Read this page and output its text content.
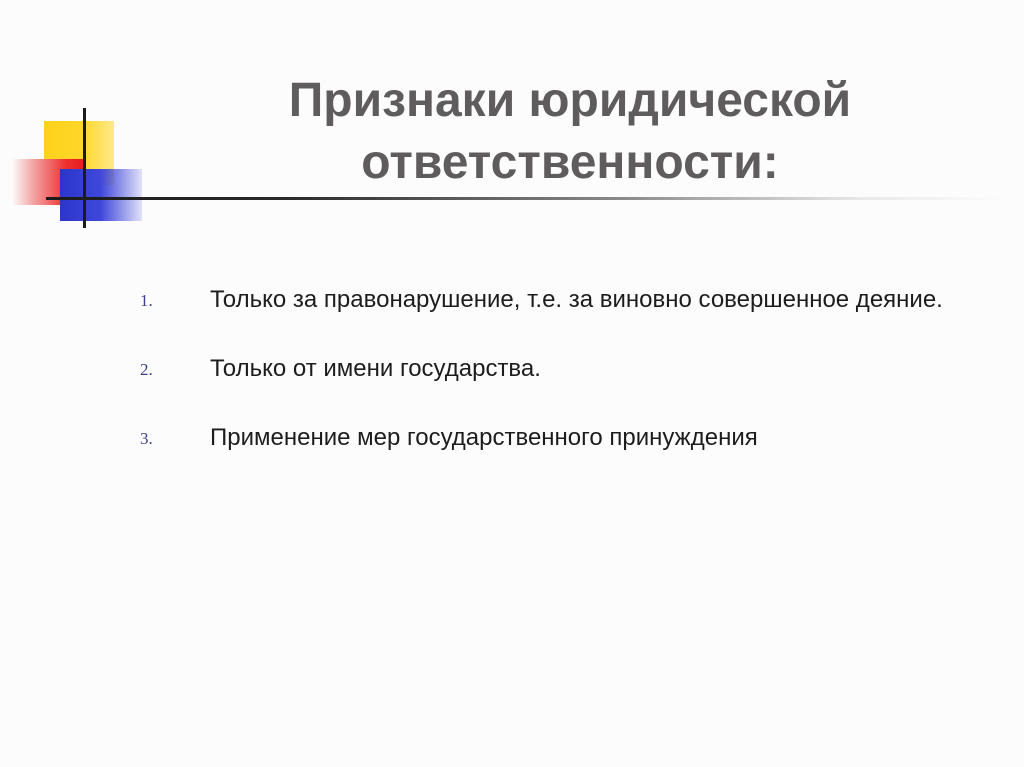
Признаки юридической ответственности:
1. Только за правонарушение, т.е. за виновно совершенное деяние.
2. Только от имени государства.
3. Применение мер государственного принуждения
